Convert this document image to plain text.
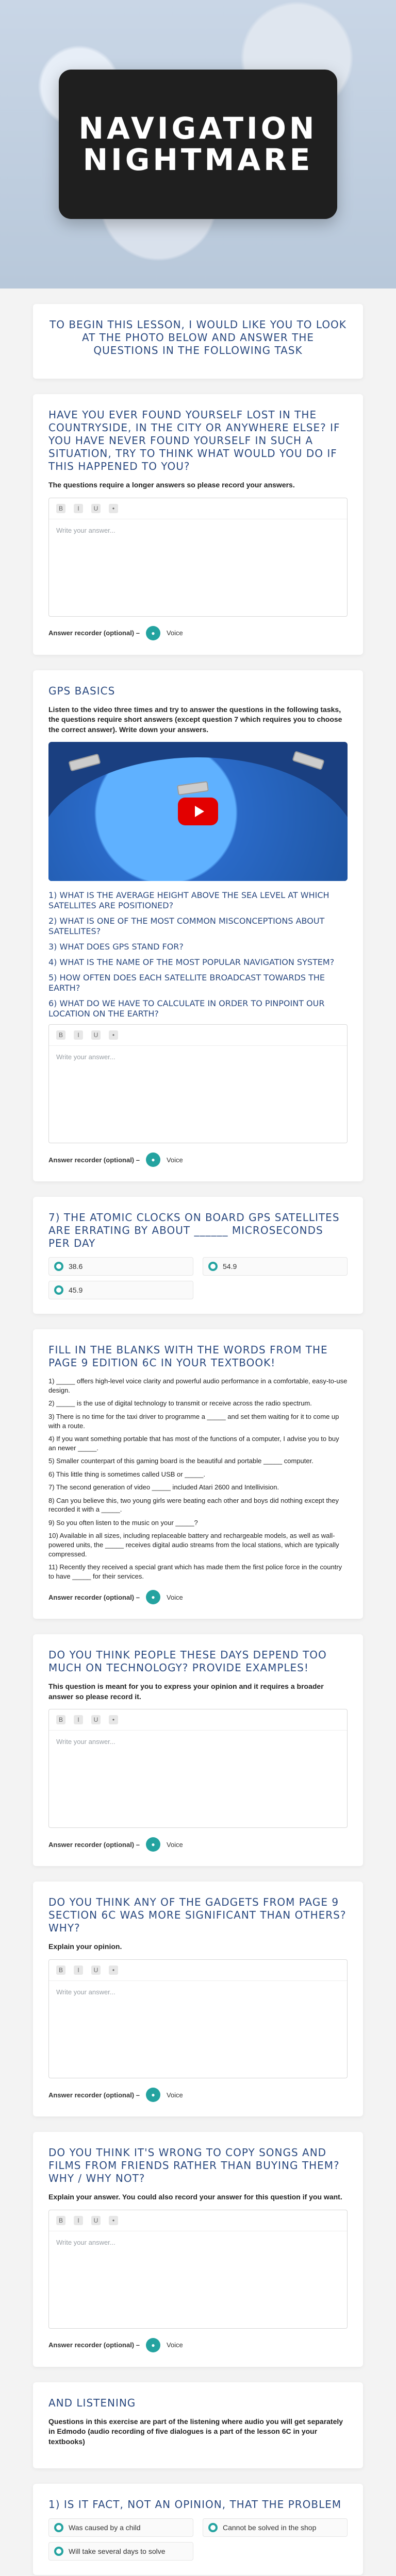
NAVIGATION NIGHTMARE
TO BEGIN THIS LESSON, I WOULD LIKE YOU TO LOOK AT THE PHOTO BELOW AND ANSWER THE QUESTIONS IN THE FOLLOWING TASK
HAVE YOU EVER FOUND YOURSELF LOST IN THE COUNTRYSIDE, IN THE CITY OR ANYWHERE ELSE? IF YOU HAVE NEVER FOUND YOURSELF IN SUCH A SITUATION, TRY TO THINK WHAT WOULD YOU DO IF THIS HAPPENED TO YOU?
The questions require a longer answers so please record your answers.
B	I	U	•
Write your answer...
Answer recorder (optional) –	●	Voice
GPS BASICS
Listen to the video three times and try to answer the questions in the following tasks, the questions require short answers (except question 7 which requires you to choose the correct answer). Write down your answers.
1) WHAT IS THE AVERAGE HEIGHT ABOVE THE SEA LEVEL AT WHICH SATELLITES ARE POSITIONED?
2) WHAT IS ONE OF THE MOST COMMON MISCONCEPTIONS ABOUT SATELLITES?
3) WHAT DOES GPS STAND FOR?
4) WHAT IS THE NAME OF THE MOST POPULAR NAVIGATION SYSTEM?
5) HOW OFTEN DOES EACH SATELLITE BROADCAST TOWARDS THE EARTH?
6) WHAT DO WE HAVE TO CALCULATE IN ORDER TO PINPOINT OUR LOCATION ON THE EARTH?
B	I	U	•
Write your answer...
Answer recorder (optional) –	●	Voice
7) THE ATOMIC CLOCKS ON BOARD GPS SATELLITES ARE ERRATING BY ABOUT ______ MICROSECONDS PER DAY
38.6	54.9
45.9
FILL IN THE BLANKS WITH THE WORDS FROM THE PAGE 9 EDITION 6C IN YOUR TEXTBOOK!
1) _____ offers high-level voice clarity and powerful audio performance in a comfortable, easy-to-use design.
2) _____ is the use of digital technology to transmit or receive across the radio spectrum.
3) There is no time for the taxi driver to programme a _____ and set them waiting for it to come up with a route.
4) If you want something portable that has most of the functions of a computer, I advise you to buy an newer _____.
5) Smaller counterpart of this gaming board is the beautiful and portable _____ computer.
6) This little thing is sometimes called USB or _____.
7) The second generation of video _____ included Atari 2600 and Intellivision.
8) Can you believe this, two young girls were beating each other and boys did nothing except they recorded it with a _____.
9) So you often listen to the music on your _____?
10) Available in all sizes, including replaceable battery and rechargeable models, as well as wall-powered units, the _____ receives digital audio streams from the local stations, which are typically compressed.
11) Recently they received a special grant which has made them the first police force in the country to have _____ for their services.
Answer recorder (optional) –	●	Voice
DO YOU THINK PEOPLE THESE DAYS DEPEND TOO MUCH ON TECHNOLOGY? PROVIDE EXAMPLES!
This question is meant for you to express your opinion and it requires a broader answer so please record it.
B	I	U	•
Write your answer...
Answer recorder (optional) –	●	Voice
DO YOU THINK ANY OF THE GADGETS FROM PAGE 9 SECTION 6C WAS MORE SIGNIFICANT THAN OTHERS? WHY?
Explain your opinion.
B	I	U	•
Write your answer...
Answer recorder (optional) –	●	Voice
DO YOU THINK IT'S WRONG TO COPY SONGS AND FILMS FROM FRIENDS RATHER THAN BUYING THEM? WHY / WHY NOT?
Explain your answer. You could also record your answer for this question if you want.
B	I	U	•
Write your answer...
Answer recorder (optional) –	●	Voice
AND LISTENING
Questions in this exercise are part of the listening where audio you will get separately in Edmodo (audio recording of five dialogues is a part of the lesson 6C in your textbooks)
1) IS IT FACT, NOT AN OPINION, THAT THE PROBLEM
Was caused by a child	Cannot be solved in the shop
Will take several days to solve
